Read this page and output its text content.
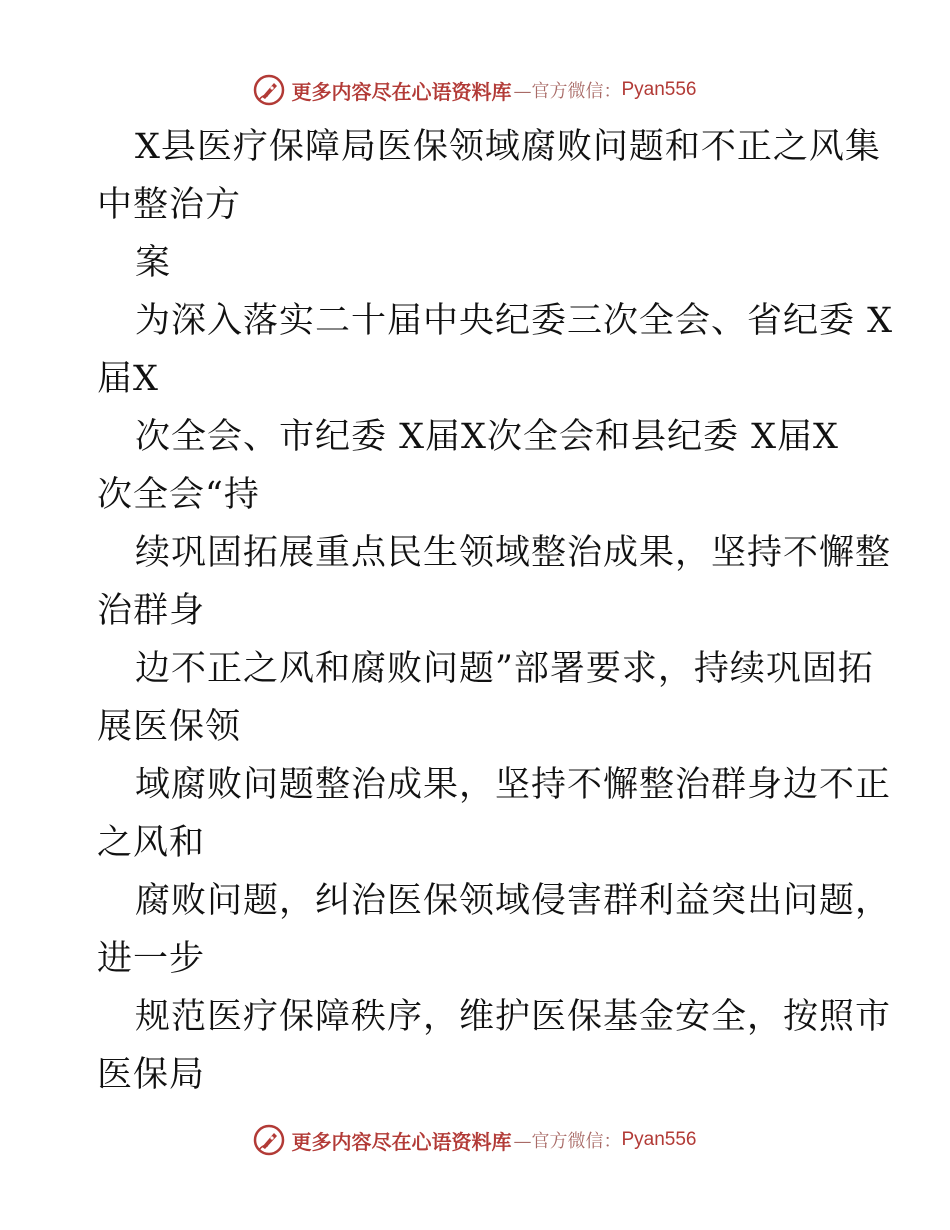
更多内容尽在心语资料库 —官方微信： Pyan556
X县医疗保障局医保领域腐败问题和不正之风集
中整治方
案
为深入落实二十届中央纪委三次全会、省纪委 X
届X
次全会、市纪委 X届X次全会和县纪委 X届X
次全会“持
续巩固拓展重点民生领域整治成果，坚持不懈整
治群身
边不正之风和腐败问题”部署要求，持续巩固拓
展医保领
域腐败问题整治成果，坚持不懈整治群身边不正
之风和
腐败问题，纠治医保领域侵害群利益突出问题，
进一步
规范医疗保障秩序，维护医保基金安全，按照市
医保局
更多内容尽在心语资料库 —官方微信： Pyan556
